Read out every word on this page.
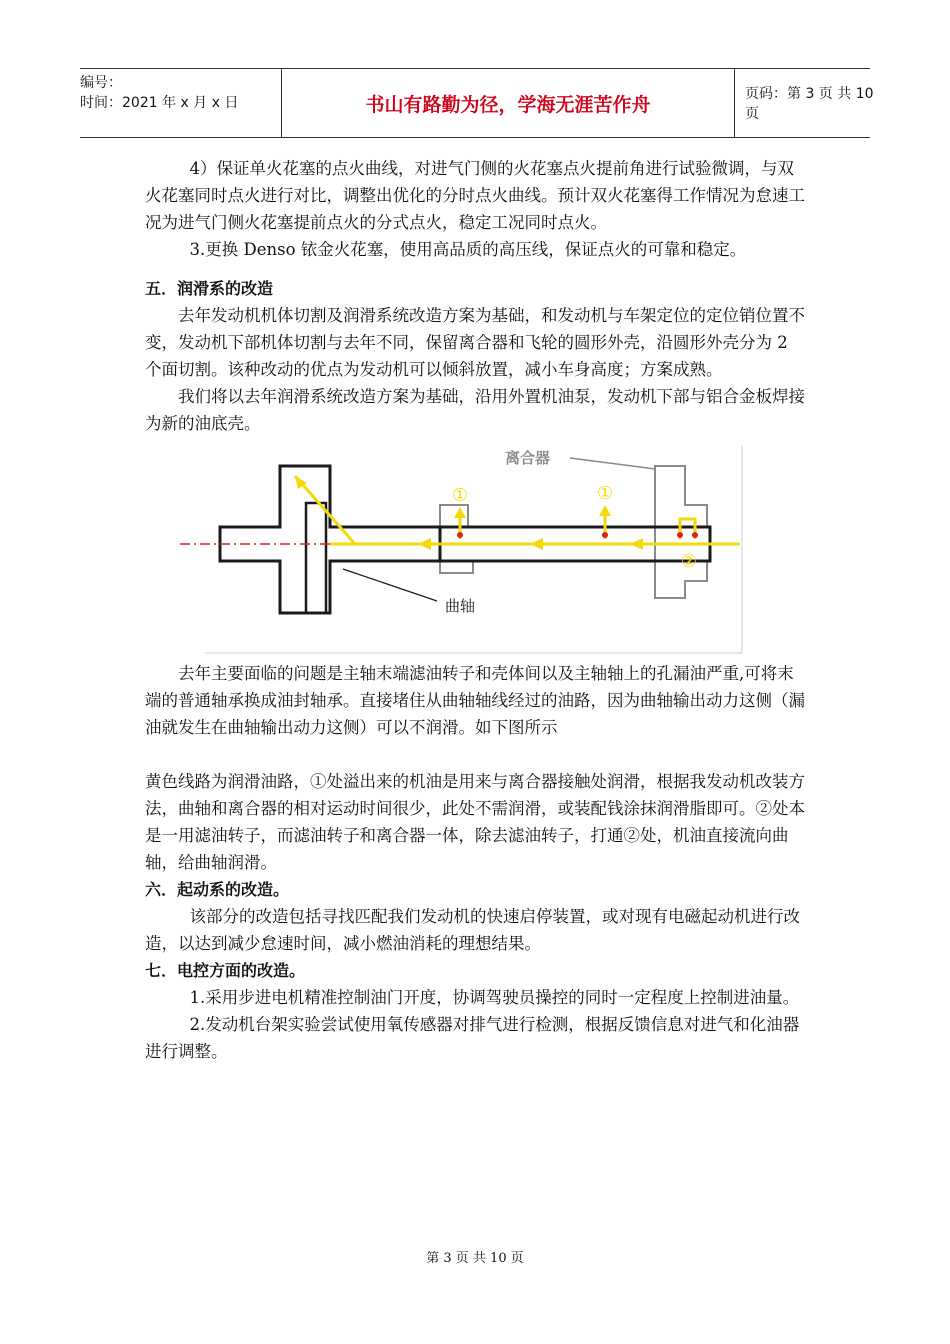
编号：
时间：2021 年 x 月 x 日	书山有路勤为径，学海无涯苦作舟	页码：第 3 页 共 10 页

4）保证单火花塞的点火曲线，对进气门侧的火花塞点火提前角进行试验微调，与双火花塞同时点火进行对比，调整出优化的分时点火曲线。预计双火花塞得工作情况为怠速工况为进气门侧火花塞提前点火的分式点火，稳定工况同时点火。

3.更换 Denso 铱金火花塞，使用高品质的高压线，保证点火的可靠和稳定。

五．润滑系的改造

去年发动机机体切割及润滑系统改造方案为基础，和发动机与车架定位的定位销位置不变，发动机下部机体切割与去年不同，保留离合器和飞轮的圆形外壳，沿圆形外壳分为 2 个面切割。该种改动的优点为发动机可以倾斜放置，减小车身高度；方案成熟。

我们将以去年润滑系统改造方案为基础，沿用外置机油泵，发动机下部与铝合金板焊接为新的油底壳。

①	①
②
离合器
曲轴

去年主要面临的问题是主轴末端滤油转子和壳体间以及主轴轴上的孔漏油严重,可将末端的普通轴承换成油封轴承。直接堵住从曲轴轴线经过的油路，因为曲轴输出动力这侧（漏油就发生在曲轴输出动力这侧）可以不润滑。如下图所示

黄色线路为润滑油路，①处溢出来的机油是用来与离合器接触处润滑，根据我发动机改装方法，曲轴和离合器的相对运动时间很少，此处不需润滑，或装配钱涂抹润滑脂即可。②处本是一用滤油转子，而滤油转子和离合器一体，除去滤油转子，打通②处，机油直接流向曲轴，给曲轴润滑。

六．起动系的改造。

该部分的改造包括寻找匹配我们发动机的快速启停装置，或对现有电磁起动机进行改造，以达到减少怠速时间，减小燃油消耗的理想结果。

七．电控方面的改造。

1.采用步进电机精准控制油门开度，协调驾驶员操控的同时一定程度上控制进油量。

2.发动机台架实验尝试使用氧传感器对排气进行检测，根据反馈信息对进气和化油器进行调整。

第 3 页 共 10 页
